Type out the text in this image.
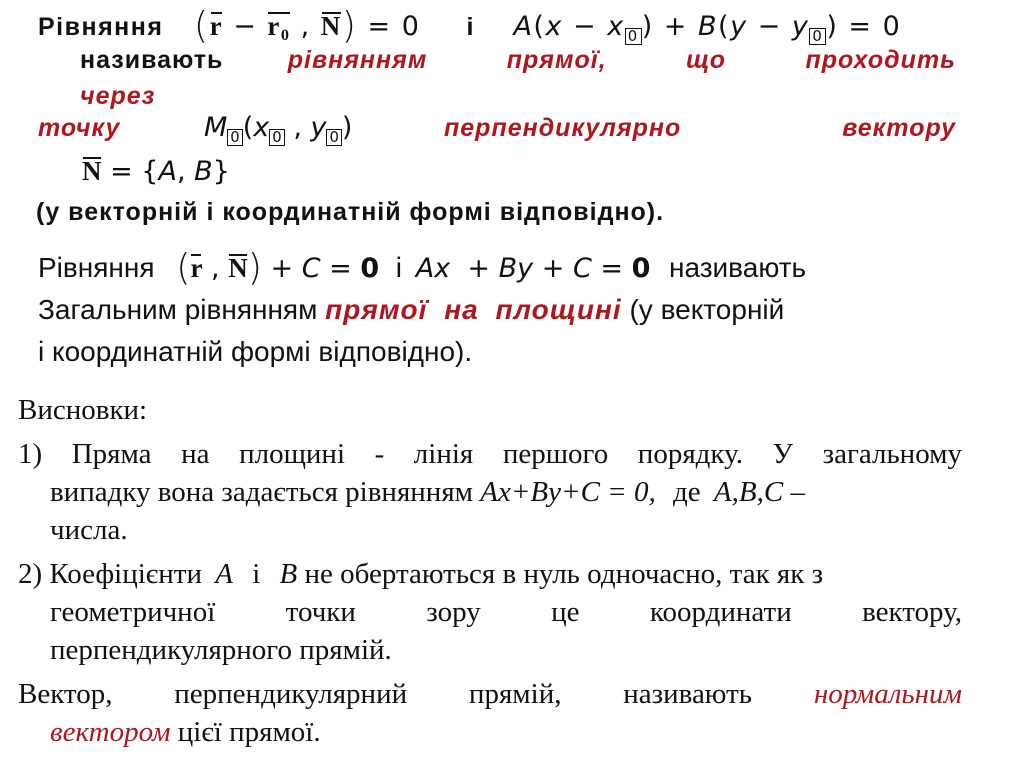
Рівняння ($r - r_0$ , N) = 0 і A(x − x 0 ) + B(y − y 0 ) = 0
називають	рівнянням прямої, що проходить
через
точку	M 0 (x 0 , y 0 )	перпендикулярно вектору
N = {A, B}
(у векторній і координатній формі відповідно).
Рівняння (r , N) + C = 0 і Ax  + By + C = 0 називають
Загальним рівнянням прямої на площині (у векторній
і координатній формі відповідно).
Висновки:
1) Пряма на площині - лінія першого порядку. У загальному
випадку вона задається рівнянням Ax+By+C = 0, де A,B,C –
числа.
2) Коефіцієнти A і B не обертаються в нуль одночасно, так як з
геометричної точки зору це координати вектору,
перпендикулярного прямій.
Вектор, перпендикулярний прямій, називають нормальним
вектором цієї прямої.
